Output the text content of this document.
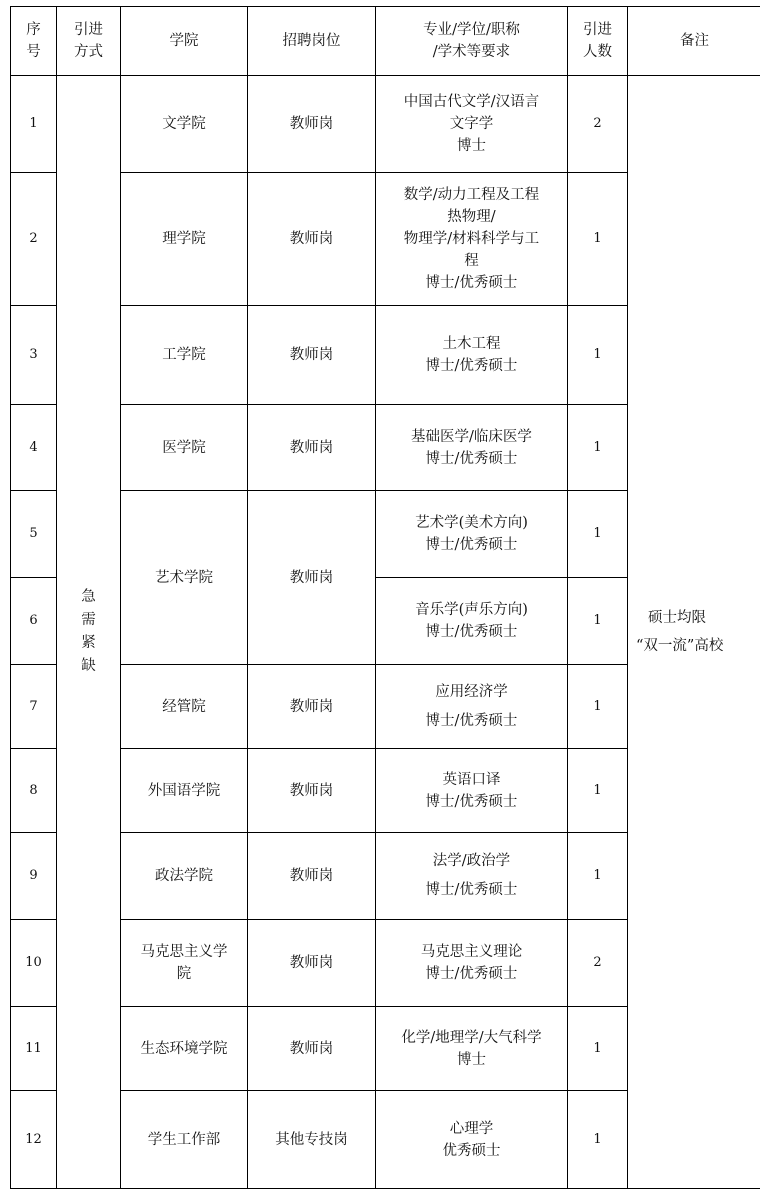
序
号	引进
方式	学院	招聘岗位	专业/学位/职称
/学术等要求	引进
人数	备注
1	急
需
紧
缺	文学院	教师岗	中国古代文学/汉语言
文字学
博士	2	硕士均限
“双一流”高校

2		理学院	教师岗	数学/动力工程及工程
热物理/
物理学/材料科学与工
程
博士/优秀硕士	1	
3		工学院	教师岗	土木工程
博士/优秀硕士	1	
4		医学院	教师岗	基础医学/临床医学
博士/优秀硕士	1	
5		艺术学院	教师岗	艺术学(美术方向)
博士/优秀硕士	1	
6				音乐学(声乐方向)
博士/优秀硕士	1	
7		经管院	教师岗	应用经济学
博士/优秀硕士	1	
8		外国语学院	教师岗	英语口译
博士/优秀硕士	1	
9		政法学院	教师岗	法学/政治学
博士/优秀硕士	1	
10		马克思主义学
院	教师岗	马克思主义理论
博士/优秀硕士	2	
11		生态环境学院	教师岗	化学/地理学/大气科学
博士	1	
12		学生工作部	其他专技岗	心理学
优秀硕士	1	
